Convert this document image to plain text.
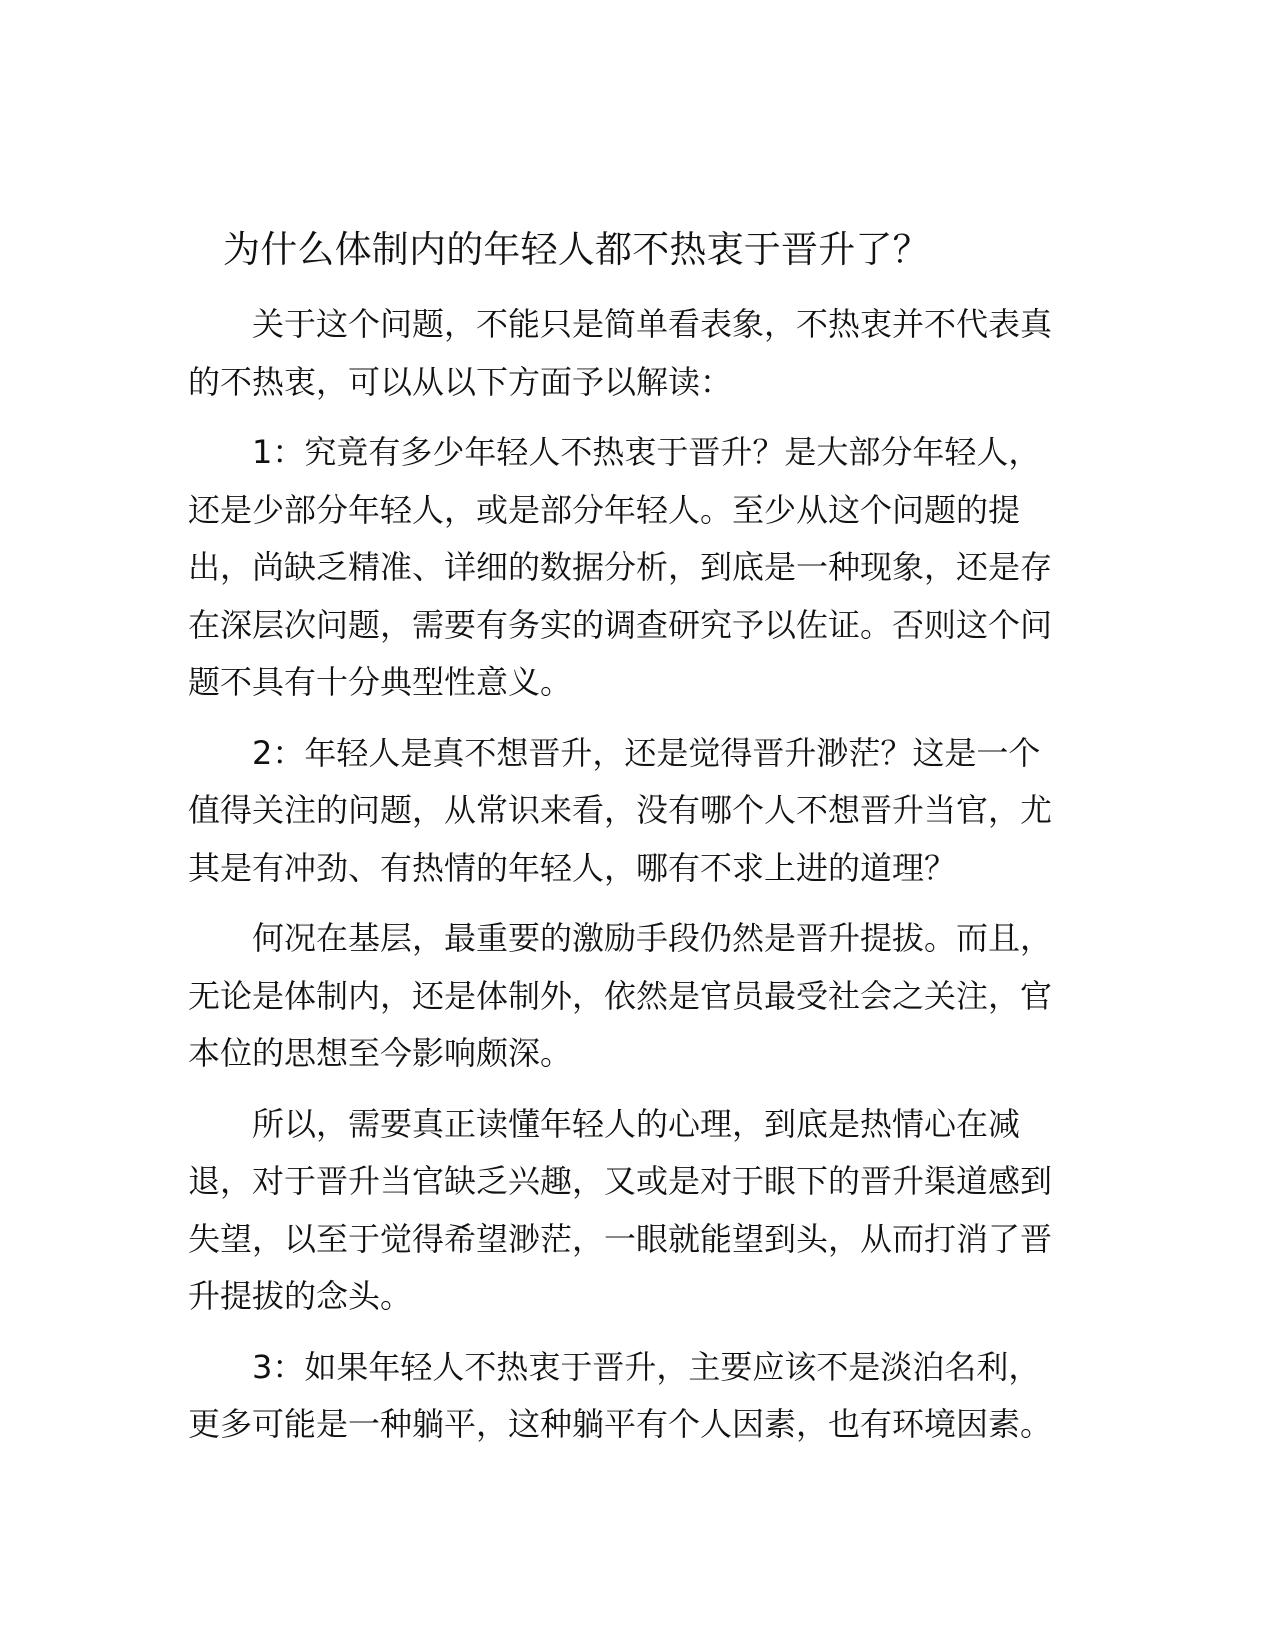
为什么体制内的年轻人都不热衷于晋升了？

关于这个问题，不能只是简单看表象，不热衷并不代表真
的不热衷，可以从以下方面予以解读：

1：究竟有多少年轻人不热衷于晋升？是大部分年轻人，
还是少部分年轻人，或是部分年轻人。至少从这个问题的提
出，尚缺乏精准、详细的数据分析，到底是一种现象，还是存
在深层次问题，需要有务实的调查研究予以佐证。否则这个问
题不具有十分典型性意义。

2：年轻人是真不想晋升，还是觉得晋升渺茫？这是一个
值得关注的问题，从常识来看，没有哪个人不想晋升当官，尤
其是有冲劲、有热情的年轻人，哪有不求上进的道理？

何况在基层，最重要的激励手段仍然是晋升提拔。而且，
无论是体制内，还是体制外，依然是官员最受社会之关注，官
本位的思想至今影响颇深。

所以，需要真正读懂年轻人的心理，到底是热情心在减
退，对于晋升当官缺乏兴趣，又或是对于眼下的晋升渠道感到
失望，以至于觉得希望渺茫，一眼就能望到头，从而打消了晋
升提拔的念头。

3：如果年轻人不热衷于晋升，主要应该不是淡泊名利，
更多可能是一种躺平，这种躺平有个人因素，也有环境因素。
